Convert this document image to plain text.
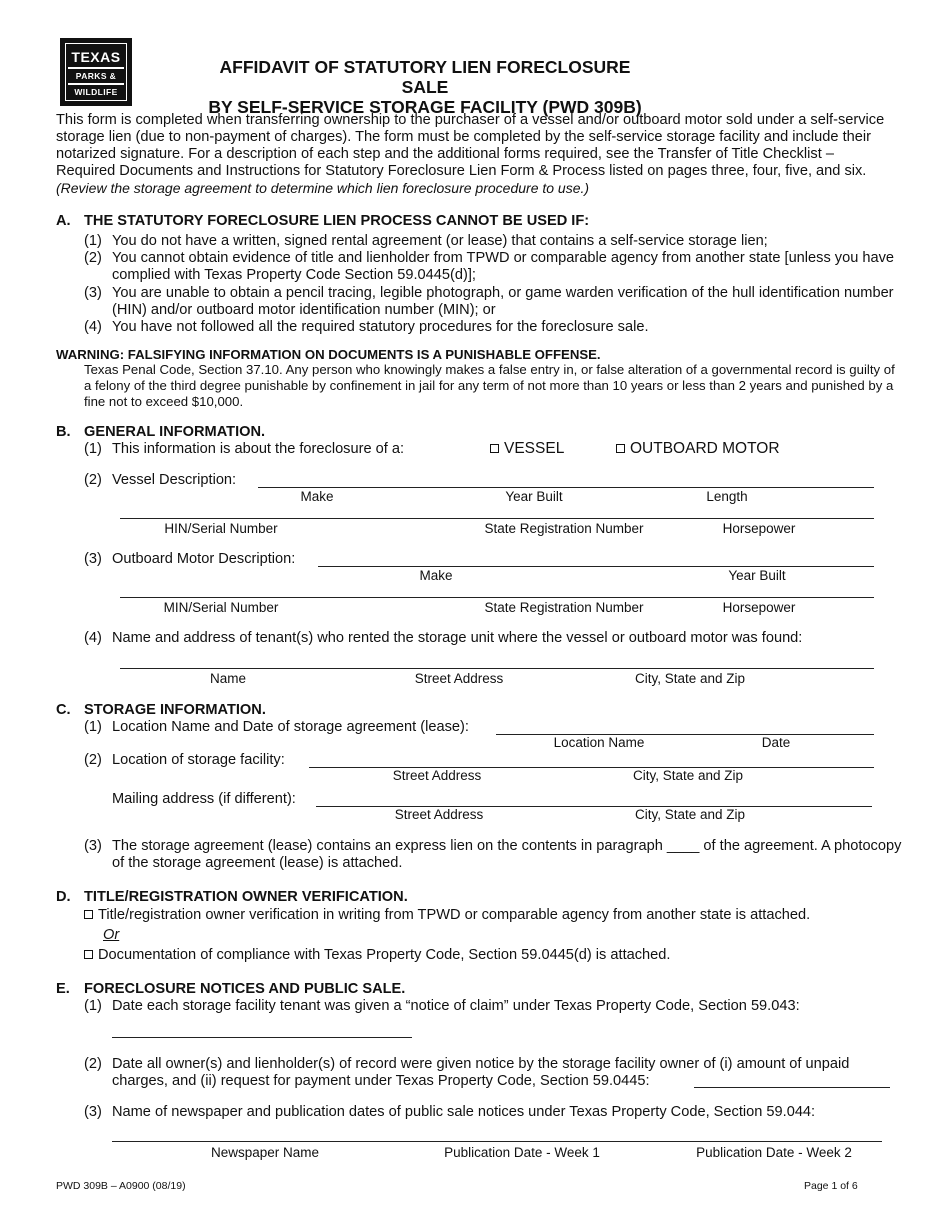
TEXAS
PARKS &
WILDLIFE
AFFIDAVIT OF STATUTORY LIEN FORECLOSURE SALE
BY SELF-SERVICE STORAGE FACILITY (PWD 309B)
This form is completed when transferring ownership to the purchaser of a vessel and/or outboard motor sold under a self-service storage lien (due to non-payment of charges). The form must be completed by the self-service storage facility and include their notarized signature. For a description of each step and the additional forms required, see the Transfer of Title Checklist – Required Documents and Instructions for Statutory Foreclosure Lien Form & Process listed on pages three, four, five, and six. (Review the storage agreement to determine which lien foreclosure procedure to use.)
A. THE STATUTORY FORECLOSURE LIEN PROCESS CANNOT BE USED IF:
(1) You do not have a written, signed rental agreement (or lease) that contains a self-service storage lien;
(2) You cannot obtain evidence of title and lienholder from TPWD or comparable agency from another state [unless you have complied with Texas Property Code Section 59.0445(d)];
(3) You are unable to obtain a pencil tracing, legible photograph, or game warden verification of the hull identification number (HIN) and/or outboard motor identification number (MIN); or
(4) You have not followed all the required statutory procedures for the foreclosure sale.
WARNING: FALSIFYING INFORMATION ON DOCUMENTS IS A PUNISHABLE OFFENSE.
Texas Penal Code, Section 37.10. Any person who knowingly makes a false entry in, or false alteration of a governmental record is guilty of a felony of the third degree punishable by confinement in jail for any term of not more than 10 years or less than 2 years and punished by a fine not to exceed $10,000.
B. GENERAL INFORMATION.
(1) This information is about the foreclosure of a:	VESSEL	OUTBOARD MOTOR
(2) Vessel Description:
Make	Year Built	Length
HIN/Serial Number	State Registration Number	Horsepower
(3) Outboard Motor Description:
Make	Year Built
MIN/Serial Number	State Registration Number	Horsepower
(4) Name and address of tenant(s) who rented the storage unit where the vessel or outboard motor was found:
Name	Street Address	City, State and Zip
C. STORAGE INFORMATION.
(1) Location Name and Date of storage agreement (lease):
Location Name	Date
(2) Location of storage facility:
Street Address	City, State and Zip
Mailing address (if different):
Street Address	City, State and Zip
(3) The storage agreement (lease) contains an express lien on the contents in paragraph ____ of the agreement. A photocopy of the storage agreement (lease) is attached.
D. TITLE/REGISTRATION OWNER VERIFICATION.
Title/registration owner verification in writing from TPWD or comparable agency from another state is attached.
Or
Documentation of compliance with Texas Property Code, Section 59.0445(d) is attached.
E. FORECLOSURE NOTICES AND PUBLIC SALE.
(1) Date each storage facility tenant was given a “notice of claim” under Texas Property Code, Section 59.043:
(2) Date all owner(s) and lienholder(s) of record were given notice by the storage facility owner of (i) amount of unpaid charges, and (ii) request for payment under Texas Property Code, Section 59.0445:
(3) Name of newspaper and publication dates of public sale notices under Texas Property Code, Section 59.044:
Newspaper Name	Publication Date - Week 1	Publication Date - Week 2
PWD 309B – A0900 (08/19)	Page 1 of 6
